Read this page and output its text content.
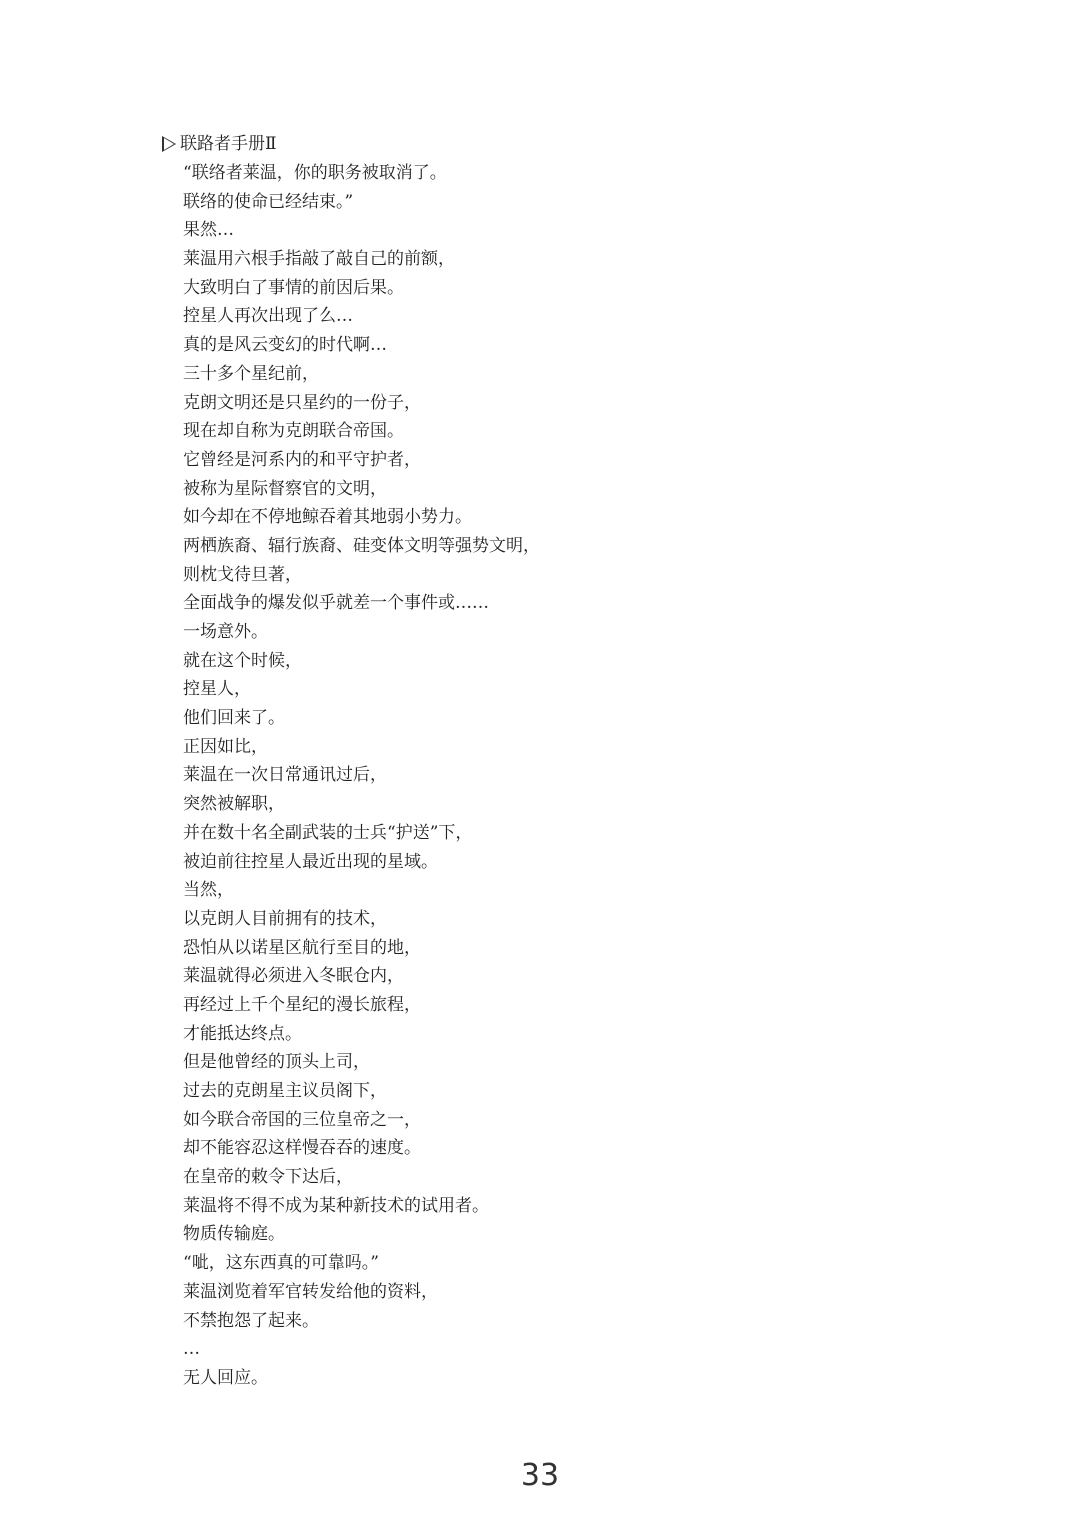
联路者手册Ⅱ
“联络者莱温，你的职务被取消了。
联络的使命已经结束。”
果然…
莱温用六根手指敲了敲自己的前额，
大致明白了事情的前因后果。
控星人再次出现了么…
真的是风云变幻的时代啊…
三十多个星纪前，
克朗文明还是只星约的一份子，
现在却自称为克朗联合帝国。
它曾经是河系内的和平守护者，
被称为星际督察官的文明，
如今却在不停地鲸吞着其地弱小势力。
两栖族裔、辐行族裔、硅变体文明等强势文明，
则枕戈待旦著，
全面战争的爆发似乎就差一个事件或……
一场意外。
就在这个时候，
控星人，
他们回来了。
正因如比，
莱温在一次日常通讯过后，
突然被解职，
并在数十名全副武装的士兵“护送”下，
被迫前往控星人最近出现的星域。
当然，
以克朗人目前拥有的技术，
恐怕从以诺星区航行至目的地，
莱温就得必须进入冬眠仓内，
再经过上千个星纪的漫长旅程，
才能抵达终点。
但是他曾经的顶头上司，
过去的克朗星主议员阁下，
如今联合帝国的三位皇帝之一，
却不能容忍这样慢吞吞的速度。
在皇帝的敕令下达后，
莱温将不得不成为某种新技术的试用者。
物质传输庭。
“呲，这东西真的可靠吗。”
莱温浏览着军官转发给他的资料，
不禁抱怨了起来。
…
无人回应。
33
